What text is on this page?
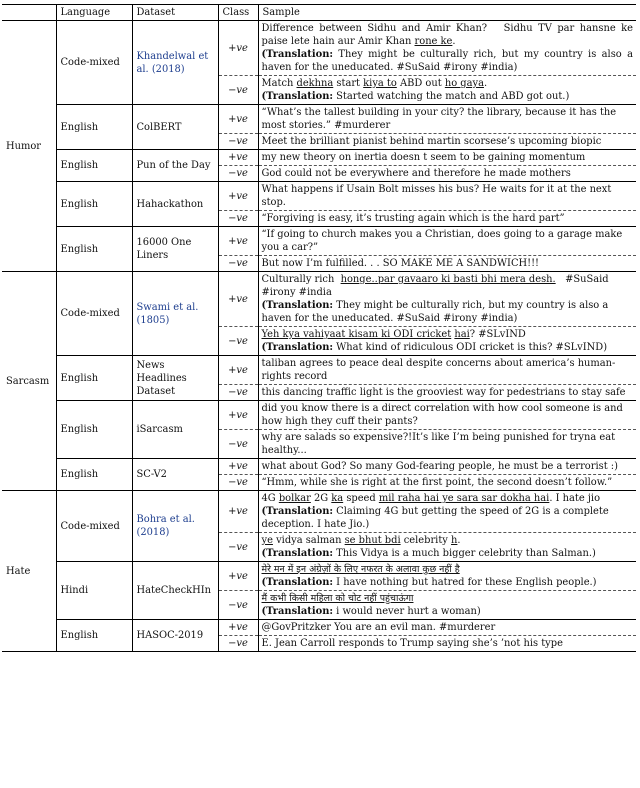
	Language	Dataset	Class	Sample
Humor	Code-mixed	Khandelwal et al. (2018)	+ve	Difference between Sidhu and Amir Khan? Sidhu TV par hansne ke paise lete hain aur Amir Khan rone ke.
(Translation: They might be culturally rich, but my country is also a haven for the uneducated. #SuSaid #irony #india)
			−ve	Match dekhna start kiya to ABD out ho gaya.
(Translation: Started watching the match and ABD got out.)
	English	ColBERT	+ve	“What’s the tallest building in your city? the library, because it has the most stories.” #murderer
			−ve	Meet the brilliant pianist behind martin scorsese’s upcoming biopic
	English	Pun of the Day	+ve	my new theory on inertia doesn t seem to be gaining momentum
			−ve	God could not be everywhere and therefore he made mothers
	English	Hahackathon	+ve	What happens if Usain Bolt misses his bus? He waits for it at the next stop.
			−ve	“Forgiving is easy, it’s trusting again which is the hard part”
	English	16000 One Liners	+ve	“If going to church makes you a Christian, does going to a garage make you a car?”
			−ve	But now I’m fulfilled. . . SO MAKE ME A SANDWICH!!!
Sarcasm	Code-mixed	Swami et al. (1805)	+ve	Culturally rich honge..par gavaaro ki basti bhi mera desh. #SuSaid #irony #india
(Translation: They might be culturally rich, but my country is also a haven for the uneducated. #SuSaid #irony #india)
			−ve	Yeh kya vahiyaat kisam ki ODI cricket hai? #SLvIND
(Translation: What kind of ridiculous ODI cricket is this? #SLvIND)
	English	News Headlines Dataset	+ve	taliban agrees to peace deal despite concerns about america’s human-rights record
			−ve	this dancing traffic light is the grooviest way for pedestrians to stay safe
	English	iSarcasm	+ve	did you know there is a direct correlation with how cool someone is and how high they cuff their pants?
			−ve	why are salads so expensive?!It’s like I’m being punished for tryna eat healthy...
	English	SC-V2	+ve	what about God? So many God-fearing people, he must be a terrorist :)
			−ve	“Hmm, while she is right at the first point, the second doesn’t follow.”
Hate	Code-mixed	Bohra et al. (2018)	+ve	4G bolkar 2G ka speed mil raha hai ye sara sar dokha hai. I hate jio
(Translation: Claiming 4G but getting the speed of 2G is a complete deception. I hate Jio.)
			−ve	ye vidya salman se bhut bdi celebrity h.
(Translation: This Vidya is a much bigger celebrity than Salman.)
	Hindi	HateCheckHIn	+ve	मेरे मन में इन अंग्रेज़ों के लिए नफरत के अलावा कुछ नहीं है
(Translation: I have nothing but hatred for these English people.)
			−ve	मैं कभी किसी महिला को चोट नहीं पहुंचाऊंगा
(Translation: i would never hurt a woman)
	English	HASOC-2019	+ve	@GovPritzker You are an evil man. #murderer
			−ve	E. Jean Carroll responds to Trump saying she’s ’not his type
